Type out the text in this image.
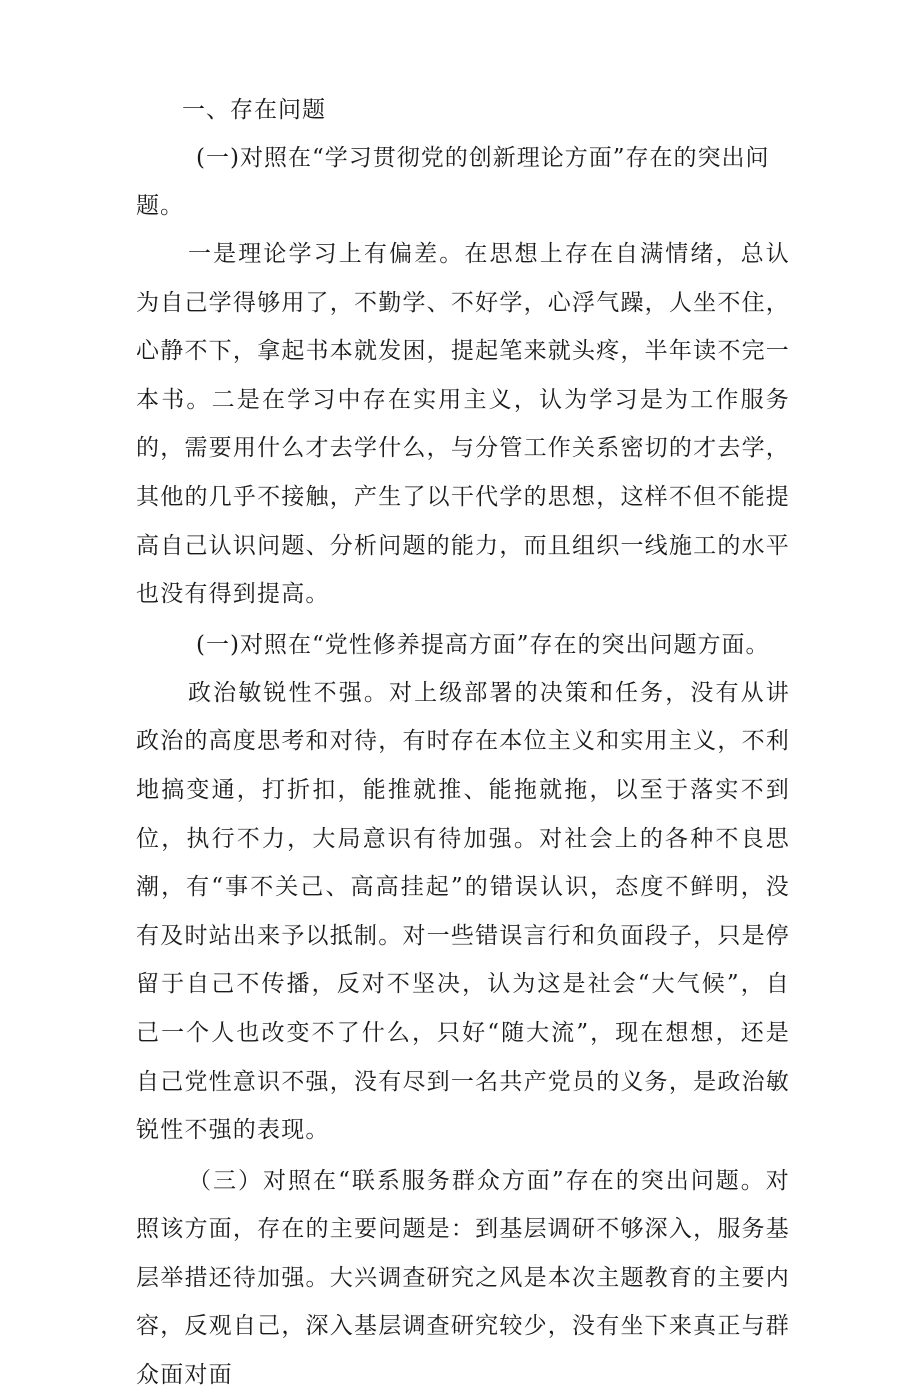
一、存在问题

(一)对照在“学习贯彻党的创新理论方面”存在的突出问题。

一是理论学习上有偏差。在思想上存在自满情绪，总认为自己学得够用了，不勤学、不好学，心浮气躁，人坐不住，心静不下，拿起书本就发困，提起笔来就头疼，半年读不完一本书。二是在学习中存在实用主义，认为学习是为工作服务的，需要用什么才去学什么，与分管工作关系密切的才去学，其他的几乎不接触，产生了以干代学的思想，这样不但不能提高自己认识问题、分析问题的能力，而且组织一线施工的水平也没有得到提高。

(一)对照在“党性修养提高方面”存在的突出问题方面。

政治敏锐性不强。对上级部署的决策和任务，没有从讲政治的高度思考和对待，有时存在本位主义和实用主义，不利地搞变通，打折扣，能推就推、能拖就拖，以至于落实不到位，执行不力，大局意识有待加强。对社会上的各种不良思潮，有“事不关己、高高挂起”的错误认识，态度不鲜明，没有及时站出来予以抵制。对一些错误言行和负面段子，只是停留于自己不传播，反对不坚决，认为这是社会“大气候”，自己一个人也改变不了什么，只好“随大流”，现在想想，还是自己党性意识不强，没有尽到一名共产党员的义务，是政治敏锐性不强的表现。

（三）对照在“联系服务群众方面”存在的突出问题。对照该方面，存在的主要问题是：到基层调研不够深入，服务基层举措还待加强。大兴调查研究之风是本次主题教育的主要内容，反观自己，深入基层调查研究较少，没有坐下来真正与群众面对面
